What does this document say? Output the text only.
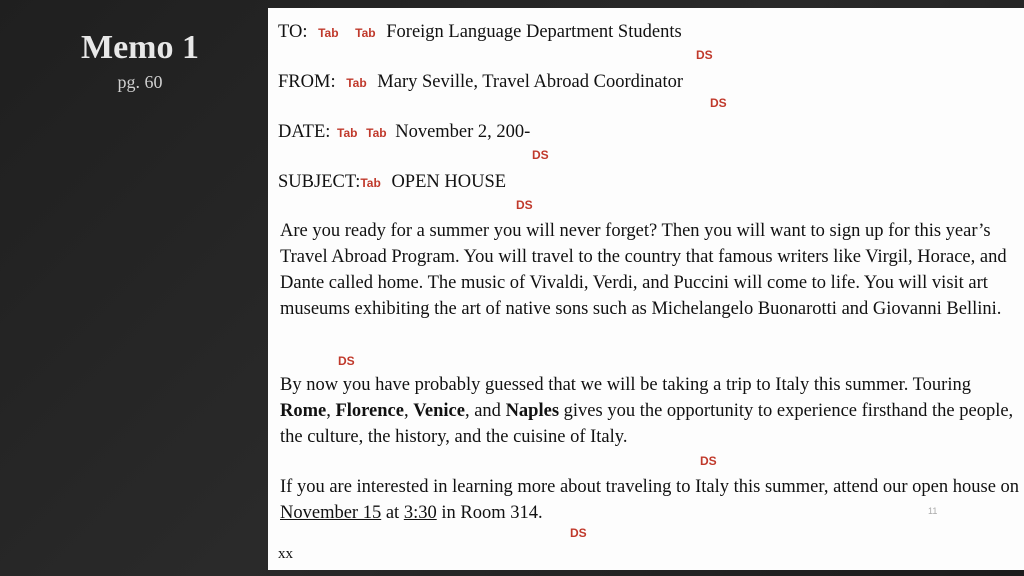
Memo 1
pg. 60
TO: Tab Tab Foreign Language Department Students
DS
FROM: Tab Mary Seville, Travel Abroad Coordinator
DS
DATE: Tab Tab November 2, 200-
DS
SUBJECT:Tab OPEN HOUSE
DS
Are you ready for a summer you will never forget? Then you will want to sign up for this year’s Travel Abroad Program. You will travel to the country that famous writers like Virgil, Horace, and Dante called home. The music of Vivaldi, Verdi, and Puccini will come to life. You will visit art museums exhibiting the art of native sons such as Michelangelo Buonarotti and Giovanni Bellini.
DS
By now you have probably guessed that we will be taking a trip to Italy this summer. Touring Rome, Florence, Venice, and Naples gives you the opportunity to experience firsthand the people, the culture, the history, and the cuisine of Italy.
DS
If you are interested in learning more about traveling to Italy this summer, attend our open house on November 15 at 3:30 in Room 314.
DS
xx
11
